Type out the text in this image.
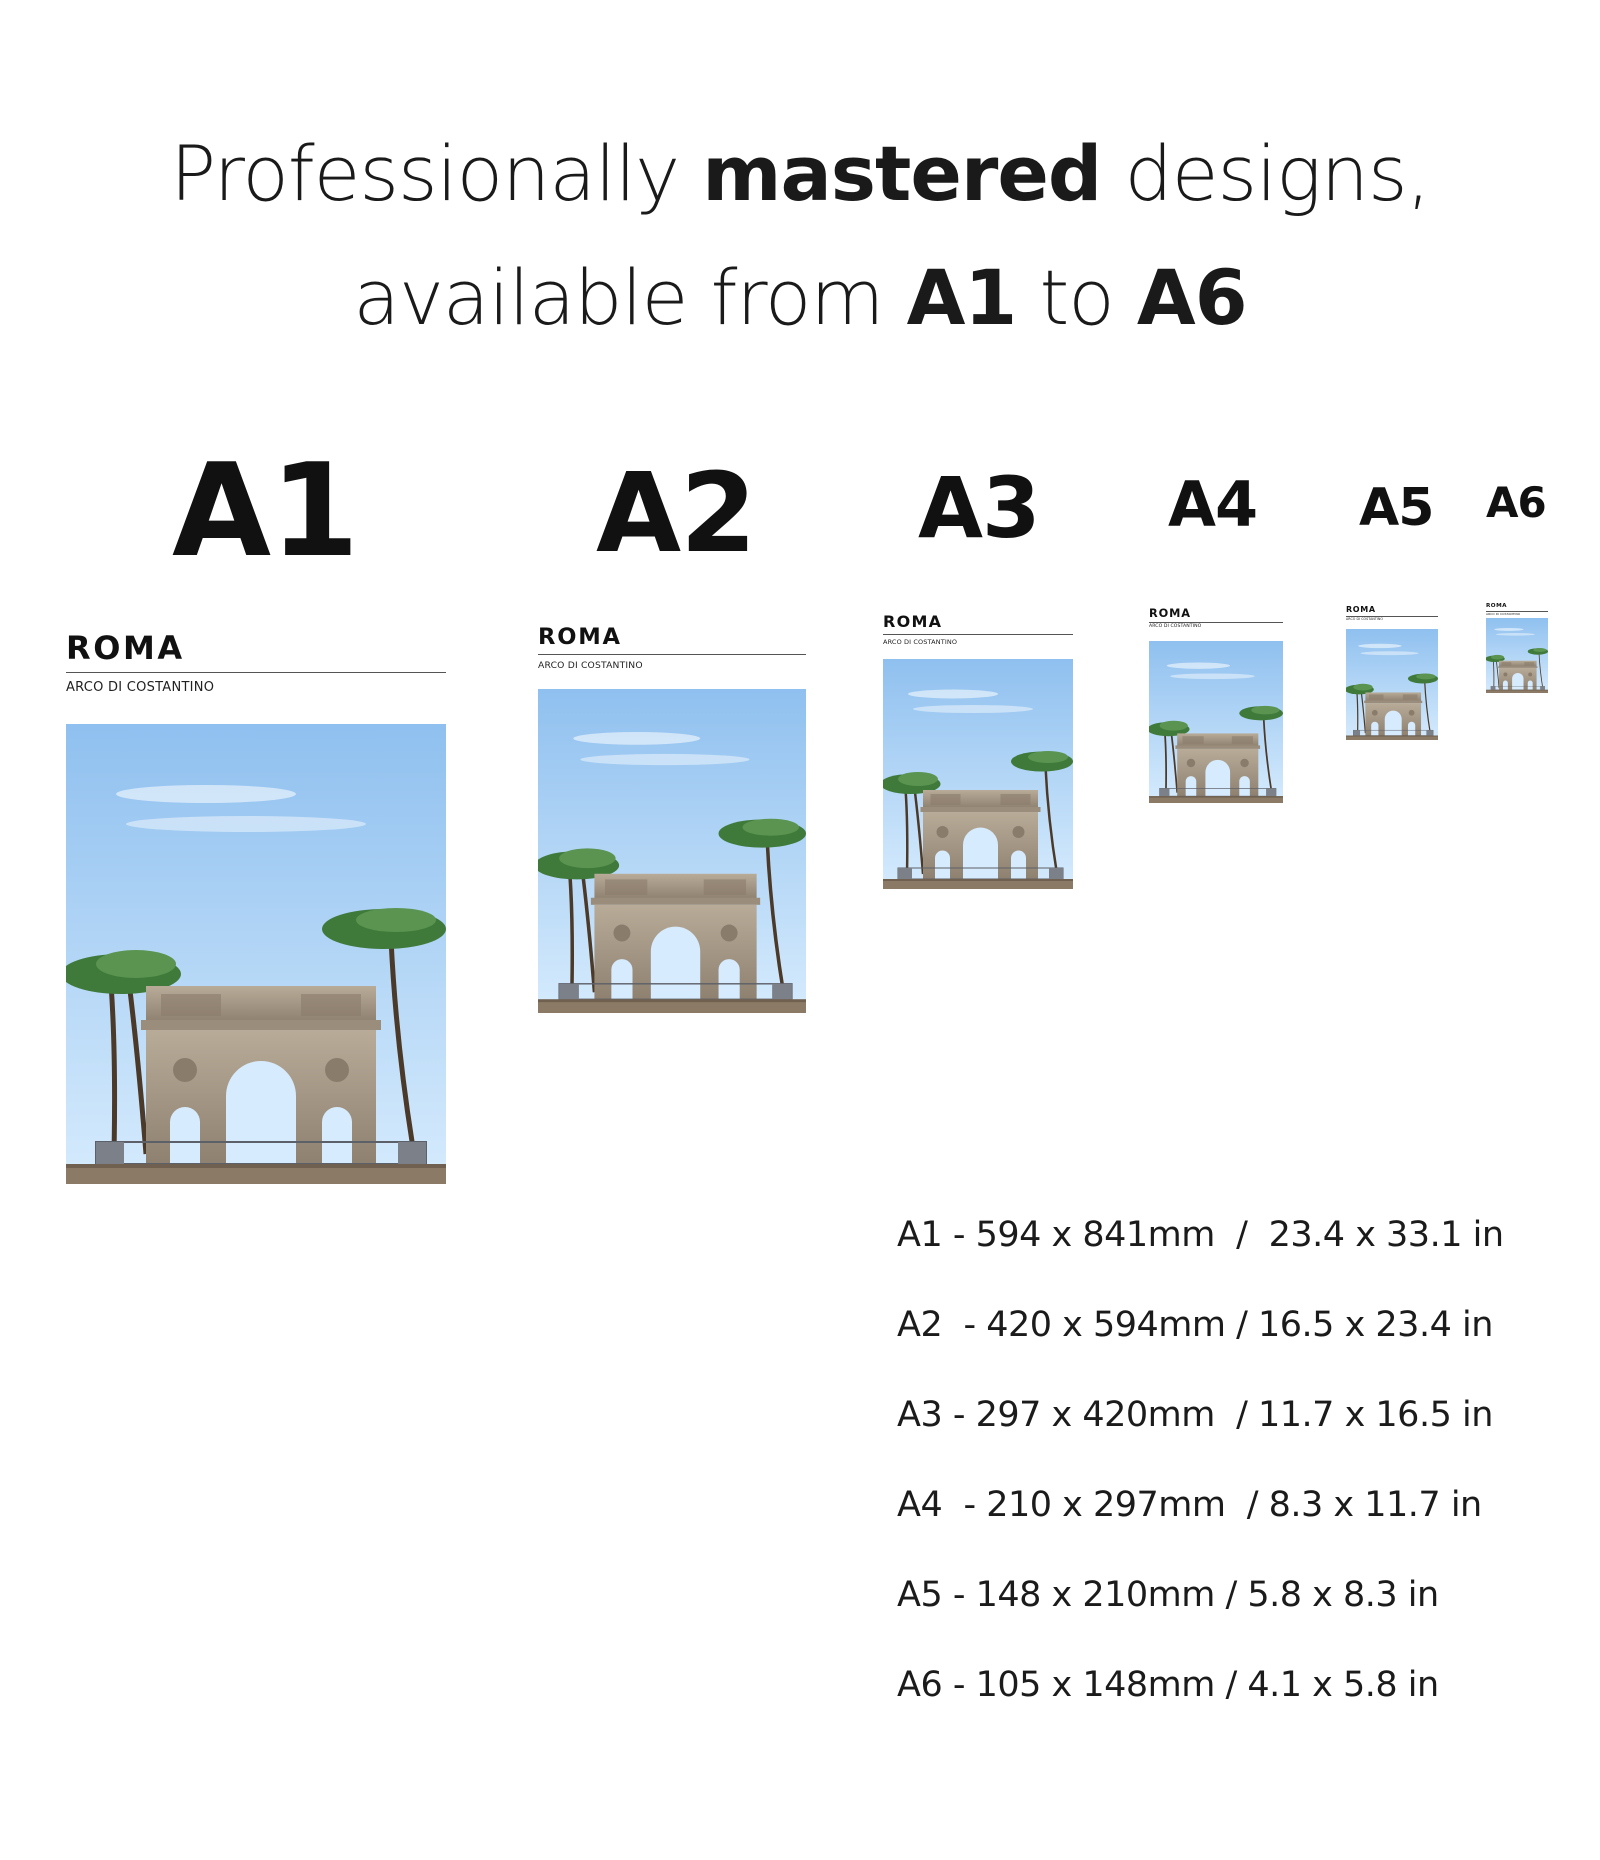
Professionally mastered designs,
available from A1 to A6
A1 A2 A3 A4 A5 A6
ROMA
ARCO DI COSTANTINO
ROMA
ARCO DI COSTANTINO
ROMA
ARCO DI COSTANTINO
ROMA
ARCO DI COSTANTINO
ROMA
ARCO DI COSTANTINO
ROMA
ARCO DI COSTANTINO
A1 - 594 x 841mm  /  23.4 x 33.1 in
A2  - 420 x 594mm / 16.5 x 23.4 in
A3 - 297 x 420mm  / 11.7 x 16.5 in
A4  - 210 x 297mm  / 8.3 x 11.7 in
A5 - 148 x 210mm / 5.8 x 8.3 in
A6 - 105 x 148mm / 4.1 x 5.8 in
